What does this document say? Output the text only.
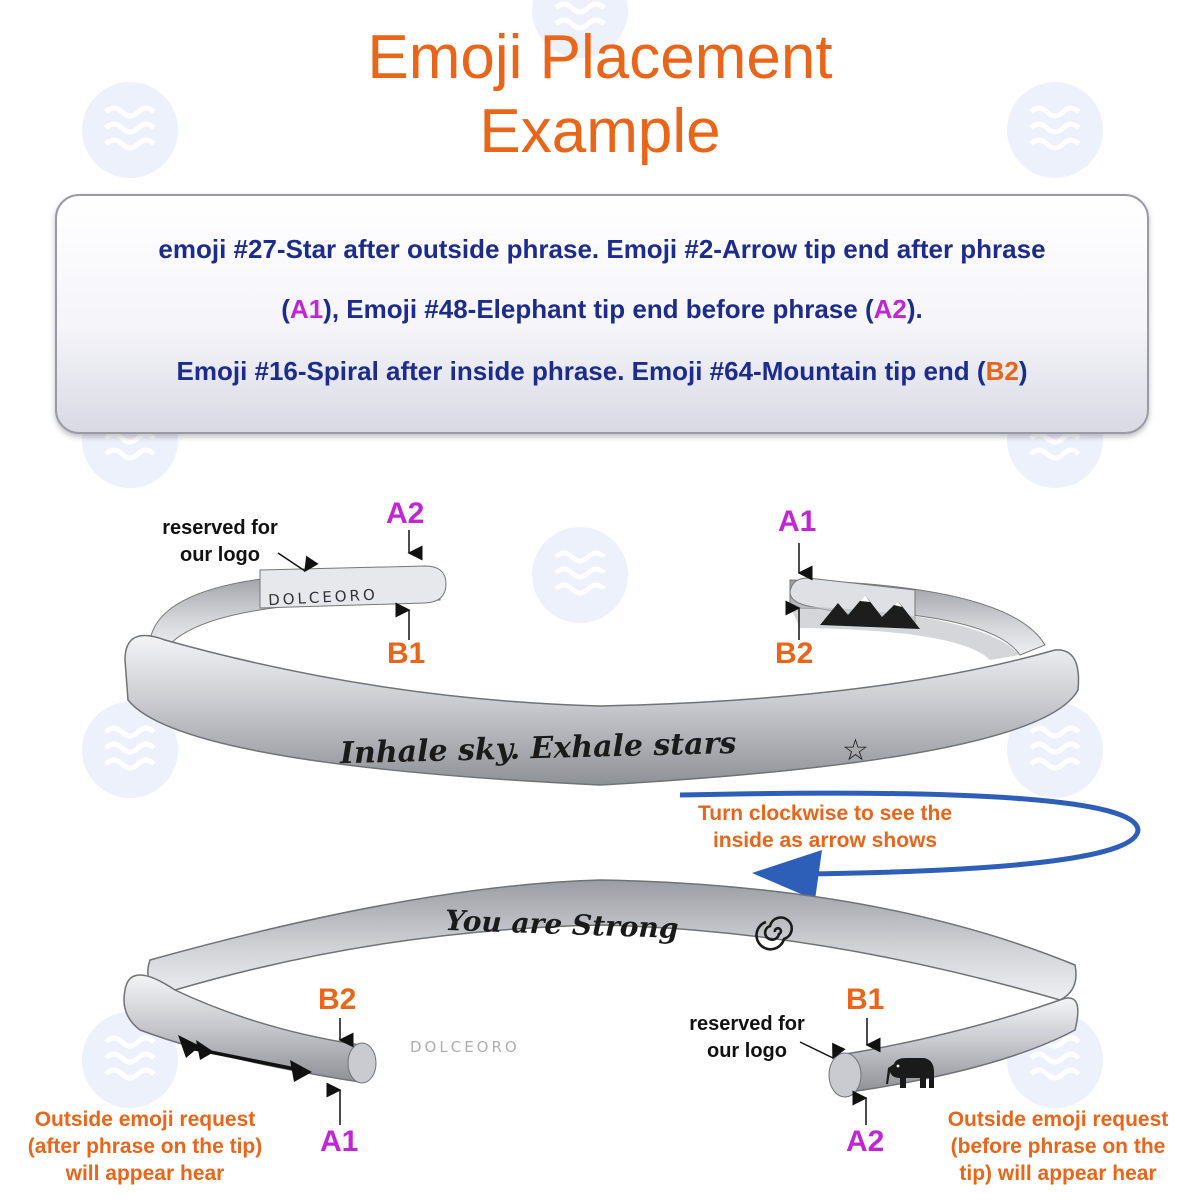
Emoji Placement
Example
emoji #27-Star after outside phrase. Emoji #2-Arrow tip end after phrase
(A1), Emoji #48-Elephant tip end before phrase (A2).
Emoji #16-Spiral after inside phrase. Emoji #64-Mountain tip end (B2)
DOLCEORO
Inhale sky. Exhale stars	☆
You are Strong
DOLCEORO
reserved for
our logo
A2
B1
A1
B2
Turn clockwise to see the
inside as arrow shows
B2
A1
B1
A2
reserved for
our logo
Outside emoji request
(after phrase on the tip)
will appear hear
Outside emoji request
(before phrase on the
tip) will appear hear
